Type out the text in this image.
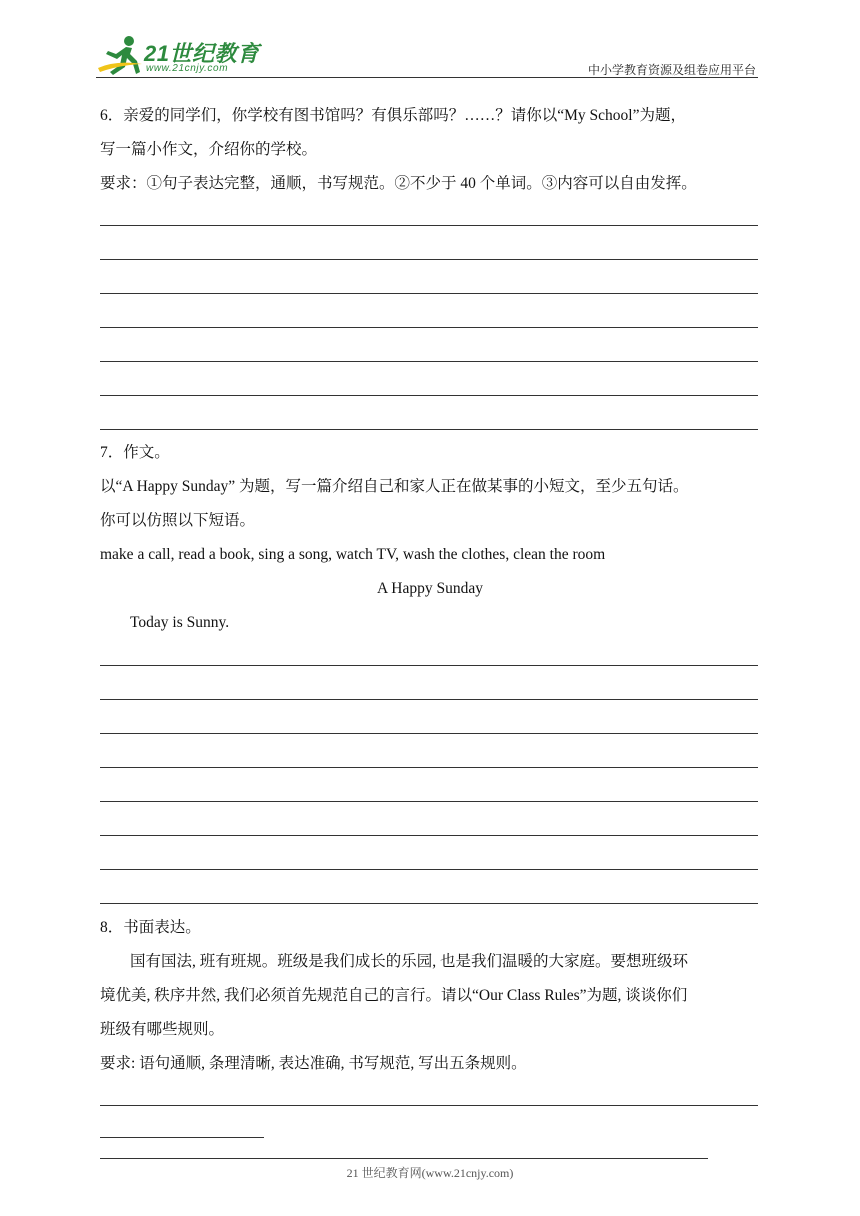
21世纪教育
www.21cnjy.com	中小学教育资源及组卷应用平台
6．亲爱的同学们，你学校有图书馆吗？有俱乐部吗？……？请你以“My School”为题，
写一篇小作文，介绍你的学校。
要求：①句子表达完整，通顺，书写规范。②不少于 40 个单词。③内容可以自由发挥。
7．作文。
以“A Happy Sunday” 为题，写一篇介绍自己和家人正在做某事的小短文，至少五句话。
你可以仿照以下短语。
make a call, read a book, sing a song, watch TV, wash the clothes, clean the room
A Happy Sunday
Today is Sunny.
8．书面表达。
国有国法, 班有班规。班级是我们成长的乐园, 也是我们温暖的大家庭。要想班级环
境优美, 秩序井然, 我们必须首先规范自己的言行。请以“Our Class Rules”为题, 谈谈你们
班级有哪些规则。
要求: 语句通顺, 条理清晰, 表达准确, 书写规范, 写出五条规则。
21 世纪教育网(www.21cnjy.com)
